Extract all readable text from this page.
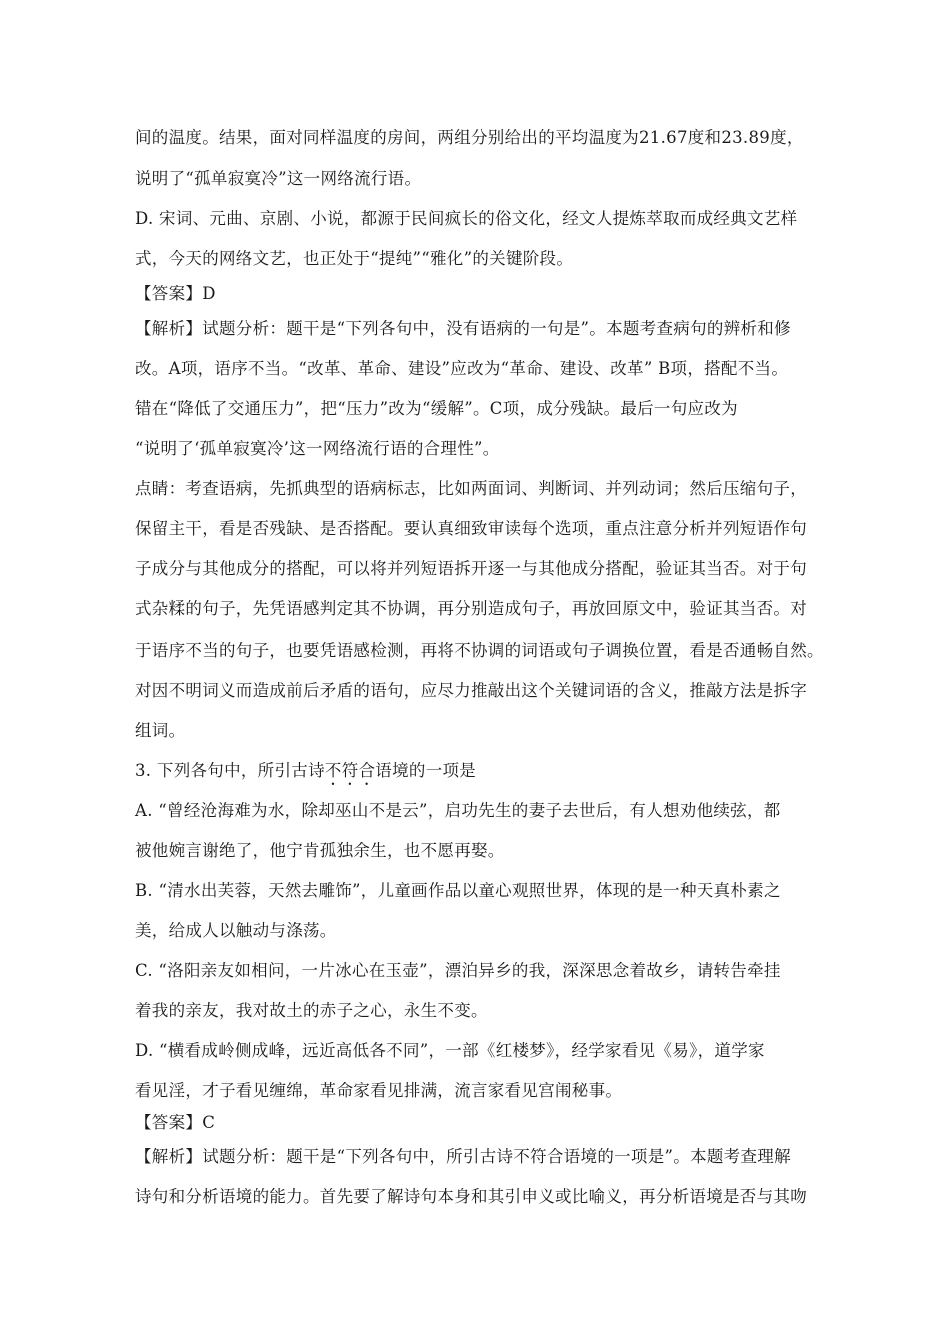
间的温度。结果，面对同样温度的房间，两组分别给出的平均温度为21.67度和23.89度，
说明了“孤单寂寞冷”这一网络流行语。
D. 宋词、元曲、京剧、小说，都源于民间疯长的俗文化，经文人提炼萃取而成经典文艺样
式，今天的网络文艺，也正处于“提纯”“雅化”的关键阶段。
【答案】D
【解析】试题分析：题干是“下列各句中，没有语病的一句是”。本题考查病句的辨析和修
改。A项，语序不当。“改革、革命、建设”应改为“革命、建设、改革” B项，搭配不当。
错在“降低了交通压力”，把“压力”改为“缓解”。C项，成分残缺。最后一句应改为
“说明了‘孤单寂寞冷’这一网络流行语的合理性”。
点睛：考查语病，先抓典型的语病标志，比如两面词、判断词、并列动词；然后压缩句子，
保留主干，看是否残缺、是否搭配。要认真细致审读每个选项，重点注意分析并列短语作句
子成分与其他成分的搭配，可以将并列短语拆开逐一与其他成分搭配，验证其当否。对于句
式杂糅的句子，先凭语感判定其不协调，再分别造成句子，再放回原文中，验证其当否。对
于语序不当的句子，也要凭语感检测，再将不协调的词语或句子调换位置，看是否通畅自然。
对因不明词义而造成前后矛盾的语句，应尽力推敲出这个关键词语的含义，推敲方法是拆字
组词。
3. 下列各句中，所引古诗不符合语境的一项是
A. “曾经沧海难为水，除却巫山不是云”，启功先生的妻子去世后，有人想劝他续弦，都
被他婉言谢绝了，他宁肯孤独余生，也不愿再娶。
B. “清水出芙蓉，天然去雕饰”，儿童画作品以童心观照世界，体现的是一种天真朴素之
美，给成人以触动与涤荡。
C. “洛阳亲友如相问，一片冰心在玉壶”，漂泊异乡的我，深深思念着故乡，请转告牵挂
着我的亲友，我对故土的赤子之心，永生不变。
D. “横看成岭侧成峰，远近高低各不同”，一部《红楼梦》，经学家看见《易》，道学家
看见淫，才子看见缠绵，革命家看见排满，流言家看见宫闱秘事。
【答案】C
【解析】试题分析：题干是“下列各句中，所引古诗不符合语境的一项是”。本题考查理解
诗句和分析语境的能力。首先要了解诗句本身和其引申义或比喻义，再分析语境是否与其吻
